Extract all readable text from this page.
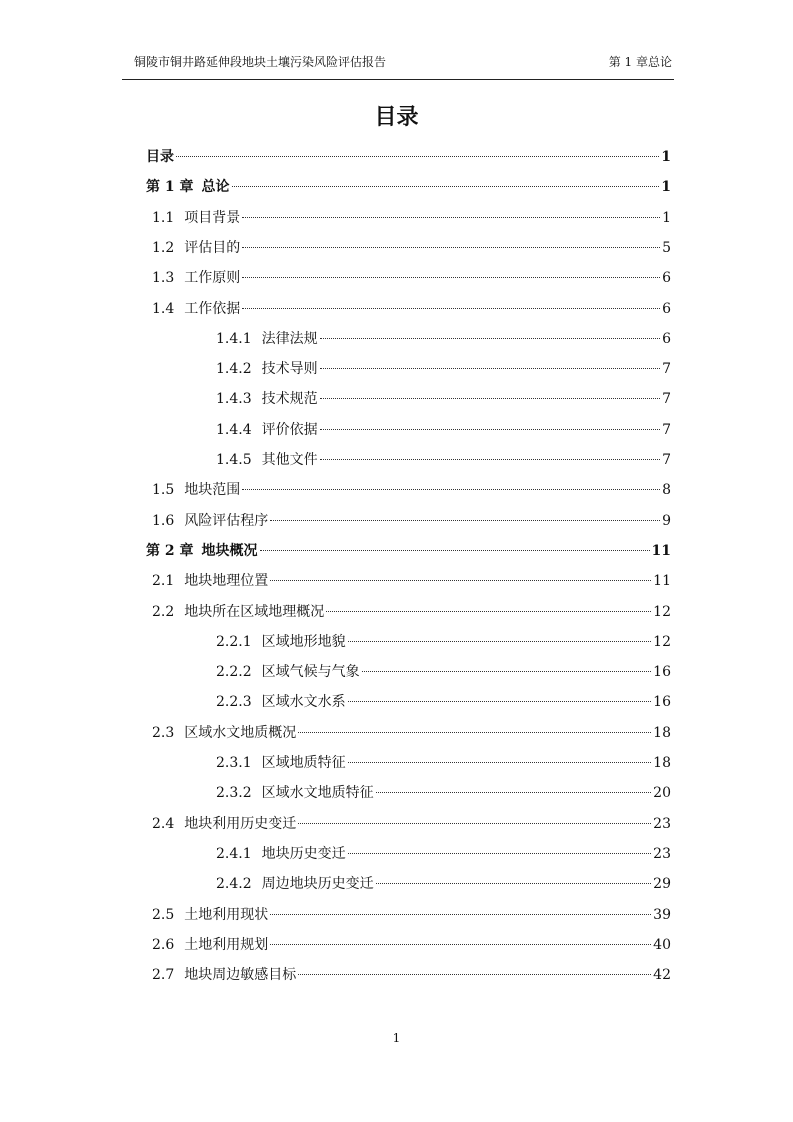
铜陵市铜井路延伸段地块土壤污染风险评估报告	第 1 章总论
目录
目录	1
第 1 章 总论	1
1.1 项目背景	1
1.2 评估目的	5
1.3 工作原则	6
1.4 工作依据	6
1.4.1 法律法规	6
1.4.2 技术导则	7
1.4.3 技术规范	7
1.4.4 评价依据	7
1.4.5 其他文件	7
1.5 地块范围	8
1.6 风险评估程序	9
第 2 章 地块概况	11
2.1 地块地理位置	11
2.2 地块所在区域地理概况	12
2.2.1 区域地形地貌	12
2.2.2 区域气候与气象	16
2.2.3 区域水文水系	16
2.3 区域水文地质概况	18
2.3.1 区域地质特征	18
2.3.2 区域水文地质特征	20
2.4 地块利用历史变迁	23
2.4.1 地块历史变迁	23
2.4.2 周边地块历史变迁	29
2.5 土地利用现状	39
2.6 土地利用规划	40
2.7 地块周边敏感目标	42
1
